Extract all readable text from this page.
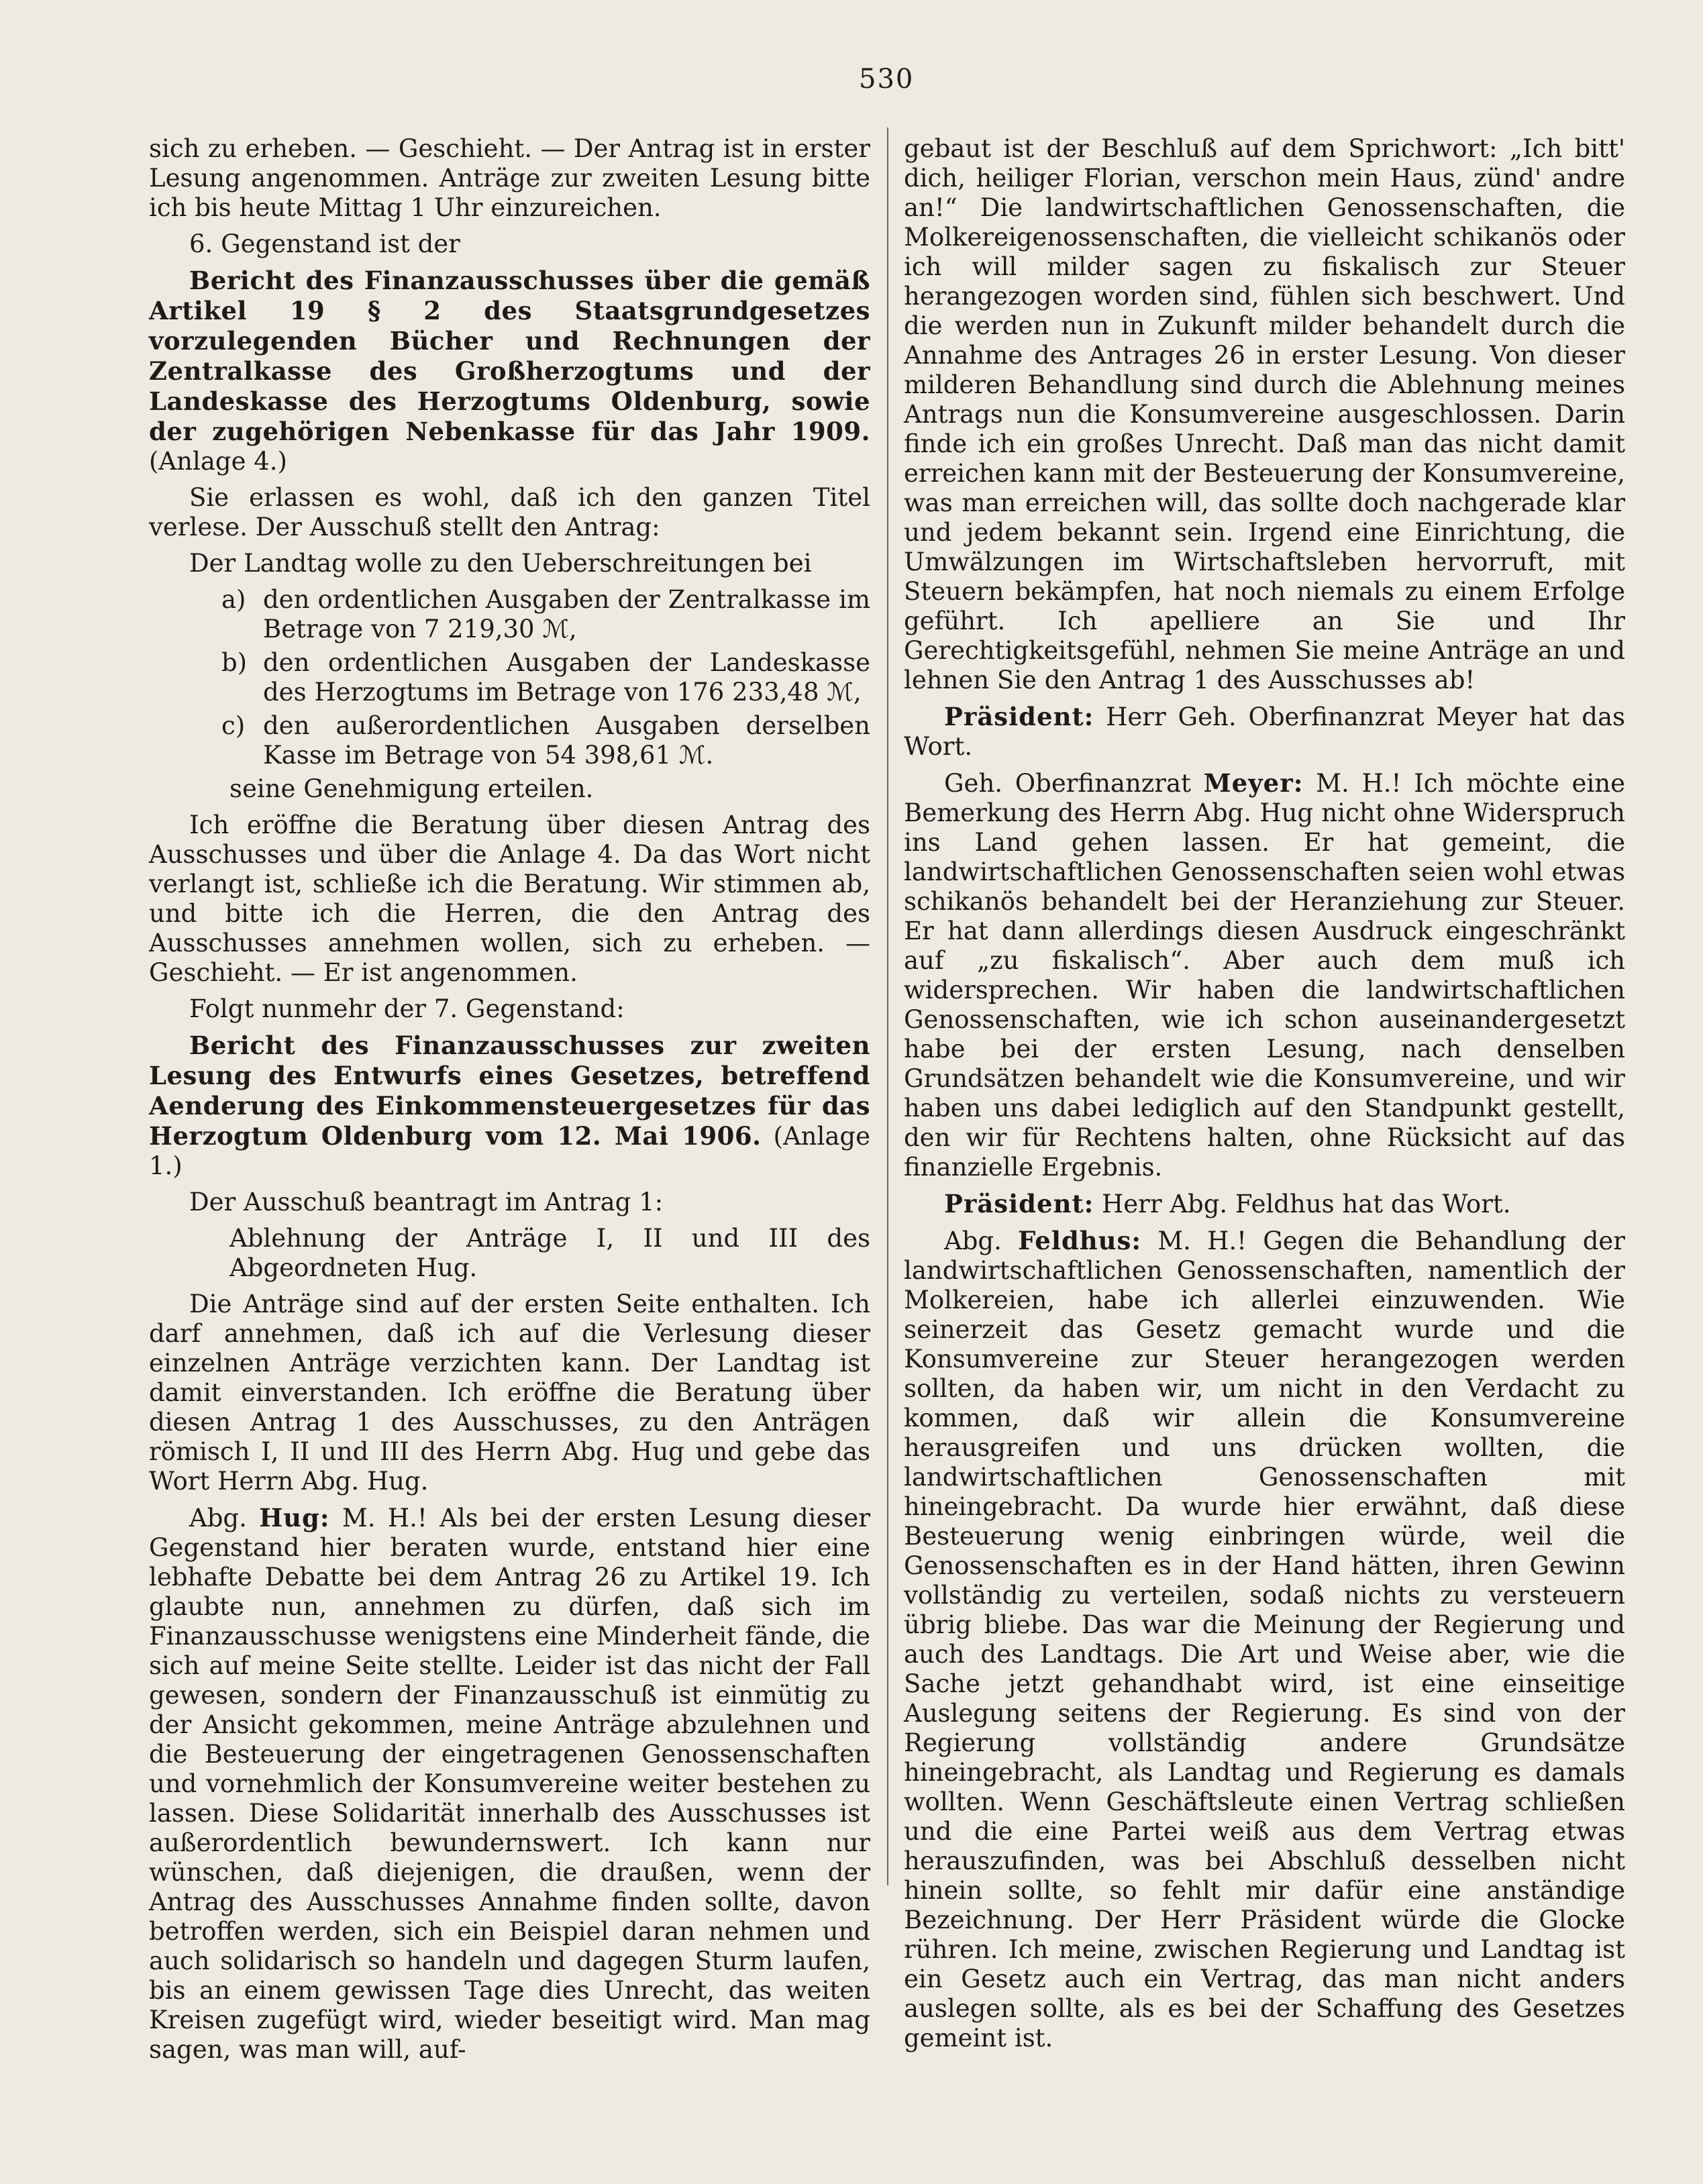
530

sich zu erheben. — Geschieht. — Der Antrag ist in erster Lesung angenommen. Anträge zur zweiten Lesung bitte ich bis heute Mittag 1 Uhr einzureichen.

6. Gegenstand ist der

Bericht des Finanzausschusses über die gemäß Artikel 19 § 2 des Staatsgrundgesetzes vorzulegenden Bücher und Rechnungen der Zentralkasse des Großherzogtums und der Landeskasse des Herzogtums Oldenburg, sowie der zugehörigen Nebenkasse für das Jahr 1909. (Anlage 4.)

Sie erlassen es wohl, daß ich den ganzen Titel verlese. Der Ausschuß stellt den Antrag:

Der Landtag wolle zu den Ueberschreitungen bei

a) den ordentlichen Ausgaben der Zentralkasse im Betrage von 7 219,30 ℳ,
b) den ordentlichen Ausgaben der Landeskasse des Herzogtums im Betrage von 176 233,48 ℳ,
c) den außerordentlichen Ausgaben derselben Kasse im Betrage von 54 398,61 ℳ.

seine Genehmigung erteilen.

Ich eröffne die Beratung über diesen Antrag des Ausschusses und über die Anlage 4. Da das Wort nicht verlangt ist, schließe ich die Beratung. Wir stimmen ab, und bitte ich die Herren, die den Antrag des Ausschusses annehmen wollen, sich zu erheben. — Geschieht. — Er ist angenommen.

Folgt nunmehr der 7. Gegenstand:

Bericht des Finanzausschusses zur zweiten Lesung des Entwurfs eines Gesetzes, betreffend Aenderung des Einkommensteuergesetzes für das Herzogtum Oldenburg vom 12. Mai 1906. (Anlage 1.)

Der Ausschuß beantragt im Antrag 1:

Ablehnung der Anträge I, II und III des Abgeordneten Hug.

Die Anträge sind auf der ersten Seite enthalten. Ich darf annehmen, daß ich auf die Verlesung dieser einzelnen Anträge verzichten kann. Der Landtag ist damit einverstanden. Ich eröffne die Beratung über diesen Antrag 1 des Ausschusses, zu den Anträgen römisch I, II und III des Herrn Abg. Hug und gebe das Wort Herrn Abg. Hug.

Abg. Hug: M. H.! Als bei der ersten Lesung dieser Gegenstand hier beraten wurde, entstand hier eine lebhafte Debatte bei dem Antrag 26 zu Artikel 19. Ich glaubte nun, annehmen zu dürfen, daß sich im Finanzausschusse wenigstens eine Minderheit fände, die sich auf meine Seite stellte. Leider ist das nicht der Fall gewesen, sondern der Finanzausschuß ist einmütig zu der Ansicht gekommen, meine Anträge abzulehnen und die Besteuerung der eingetragenen Genossenschaften und vornehmlich der Konsumvereine weiter bestehen zu lassen. Diese Solidarität innerhalb des Ausschusses ist außerordentlich bewundernswert. Ich kann nur wünschen, daß diejenigen, die draußen, wenn der Antrag des Ausschusses Annahme finden sollte, davon betroffen werden, sich ein Beispiel daran nehmen und auch solidarisch so handeln und dagegen Sturm laufen, bis an einem gewissen Tage dies Unrecht, das weiten Kreisen zugefügt wird, wieder beseitigt wird. Man mag sagen, was man will, auf-

gebaut ist der Beschluß auf dem Sprichwort: „Ich bitt' dich, heiliger Florian, verschon mein Haus, zünd' andre an!“ Die landwirtschaftlichen Genossenschaften, die Molkereigenossenschaften, die vielleicht schikanös oder ich will milder sagen zu fiskalisch zur Steuer herangezogen worden sind, fühlen sich beschwert. Und die werden nun in Zukunft milder behandelt durch die Annahme des Antrages 26 in erster Lesung. Von dieser milderen Behandlung sind durch die Ablehnung meines Antrags nun die Konsumvereine ausgeschlossen. Darin finde ich ein großes Unrecht. Daß man das nicht damit erreichen kann mit der Besteuerung der Konsumvereine, was man erreichen will, das sollte doch nachgerade klar und jedem bekannt sein. Irgend eine Einrichtung, die Umwälzungen im Wirtschaftsleben hervorruft, mit Steuern bekämpfen, hat noch niemals zu einem Erfolge geführt. Ich apelliere an Sie und Ihr Gerechtigkeitsgefühl, nehmen Sie meine Anträge an und lehnen Sie den Antrag 1 des Ausschusses ab!

Präsident: Herr Geh. Oberfinanzrat Meyer hat das Wort.

Geh. Oberfinanzrat Meyer: M. H.! Ich möchte eine Bemerkung des Herrn Abg. Hug nicht ohne Widerspruch ins Land gehen lassen. Er hat gemeint, die landwirtschaftlichen Genossenschaften seien wohl etwas schikanös behandelt bei der Heranziehung zur Steuer. Er hat dann allerdings diesen Ausdruck eingeschränkt auf „zu fiskalisch“. Aber auch dem muß ich widersprechen. Wir haben die landwirtschaftlichen Genossenschaften, wie ich schon auseinandergesetzt habe bei der ersten Lesung, nach denselben Grundsätzen behandelt wie die Konsumvereine, und wir haben uns dabei lediglich auf den Standpunkt gestellt, den wir für Rechtens halten, ohne Rücksicht auf das finanzielle Ergebnis.

Präsident: Herr Abg. Feldhus hat das Wort.

Abg. Feldhus: M. H.! Gegen die Behandlung der landwirtschaftlichen Genossenschaften, namentlich der Molkereien, habe ich allerlei einzuwenden. Wie seinerzeit das Gesetz gemacht wurde und die Konsumvereine zur Steuer herangezogen werden sollten, da haben wir, um nicht in den Verdacht zu kommen, daß wir allein die Konsumvereine herausgreifen und uns drücken wollten, die landwirtschaftlichen Genossenschaften mit hineingebracht. Da wurde hier erwähnt, daß diese Besteuerung wenig einbringen würde, weil die Genossenschaften es in der Hand hätten, ihren Gewinn vollständig zu verteilen, sodaß nichts zu versteuern übrig bliebe. Das war die Meinung der Regierung und auch des Landtags. Die Art und Weise aber, wie die Sache jetzt gehandhabt wird, ist eine einseitige Auslegung seitens der Regierung. Es sind von der Regierung vollständig andere Grundsätze hineingebracht, als Landtag und Regierung es damals wollten. Wenn Geschäftsleute einen Vertrag schließen und die eine Partei weiß aus dem Vertrag etwas herauszufinden, was bei Abschluß desselben nicht hinein sollte, so fehlt mir dafür eine anständige Bezeichnung. Der Herr Präsident würde die Glocke rühren. Ich meine, zwischen Regierung und Landtag ist ein Gesetz auch ein Vertrag, das man nicht anders auslegen sollte, als es bei der Schaffung des Gesetzes gemeint ist.
